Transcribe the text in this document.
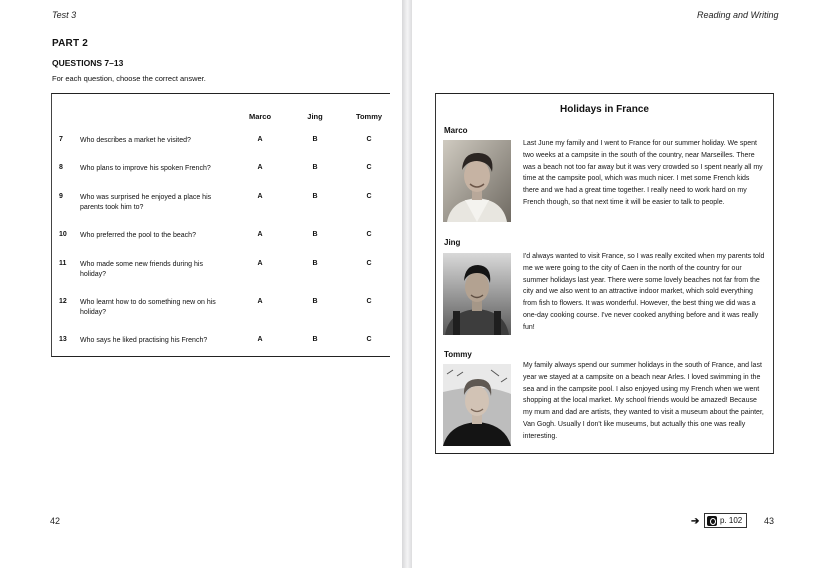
Test 3
PART 2
QUESTIONS 7–13
For each question, choose the correct answer.
Marco	Jing	Tommy
7 Who describes a market he visited?	A	B	C
8 Who plans to improve his spoken French?	A	B	C
9 Who was surprised he enjoyed a place his parents took him to?
A	B	C
10 Who preferred the pool to the beach?	A	B	C
11 Who made some new friends during his holiday?
A	B	C
12 Who learnt how to do something new on his holiday?
A	B	C
13 Who says he liked practising his French?	A	B	C
42
Reading and Writing
Holidays in France
Marco
Last June my family and I went to France for our summer holiday. We spent two weeks at a campsite in the south of the country, near Marseilles. There was a beach not too far away but it was very crowded so I spent nearly all my time at the campsite pool, which was much nicer. I met some French kids there and we had a great time together. I really need to work hard on my French though, so that next time it will be easier to talk to people.
Jing
I'd always wanted to visit France, so I was really excited when my parents told me we were going to the city of Caen in the north of the country for our summer holidays last year. There were some lovely beaches not far from the city and we also went to an attractive indoor market, which sold everything from fish to flowers. It was wonderful. However, the best thing we did was a one-day cooking course. I've never cooked anything before and it was really fun!
Tommy
My family always spend our summer holidays in the south of France, and last year we stayed at a campsite on a beach near Arles. I loved swimming in the sea and in the campsite pool. I also enjoyed using my French when we went shopping at the local market. My school friends would be amazed! Because my mum and dad are artists, they wanted to visit a museum about the painter, Van Gogh. Usually I don't like museums, but actually this one was really interesting.
➔	p. 102 43
